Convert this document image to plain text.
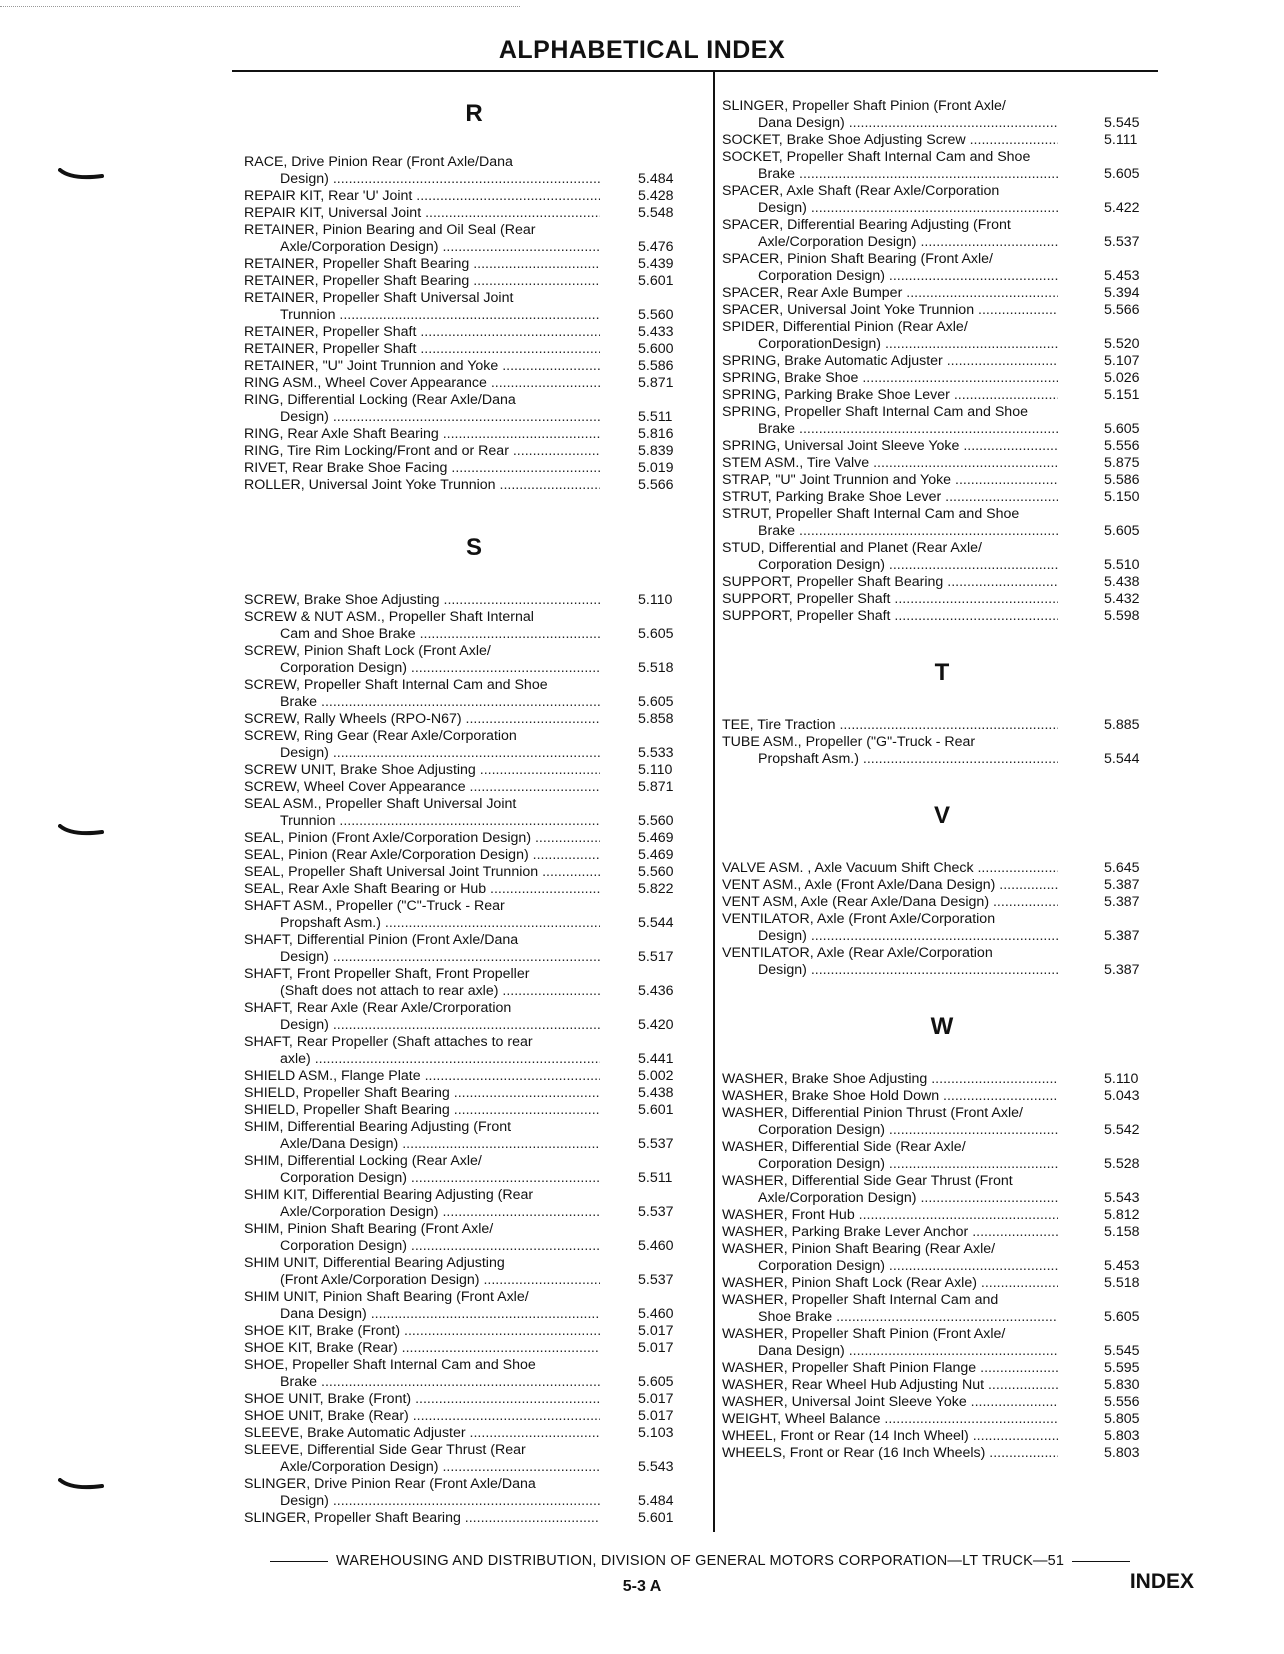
ALPHABETICAL INDEX
R
RACE, Drive Pinion Rear (Front Axle/Dana
Design) .....	5.484
REPAIR KIT, Rear 'U' Joint .....	5.428
REPAIR KIT, Universal Joint .....	5.548
RETAINER, Pinion Bearing and Oil Seal (Rear
Axle/Corporation Design) .....	5.476
RETAINER, Propeller Shaft Bearing .....	5.439
RETAINER, Propeller Shaft Bearing .....	5.601
RETAINER, Propeller Shaft Universal Joint
Trunnion .....	5.560
RETAINER, Propeller Shaft .....	5.433
RETAINER, Propeller Shaft .....	5.600
RETAINER, "U" Joint Trunnion and Yoke .....	5.586
RING ASM., Wheel Cover Appearance .....	5.871
RING, Differential Locking (Rear Axle/Dana
Design) .....	5.511
RING, Rear Axle Shaft Bearing .....	5.816
RING, Tire Rim Locking/Front and or Rear .....	5.839
RIVET, Rear Brake Shoe Facing .....	5.019
ROLLER, Universal Joint Yoke Trunnion .....	5.566
S
SCREW, Brake Shoe Adjusting .....	5.110
SCREW & NUT ASM., Propeller Shaft Internal
Cam and Shoe Brake .....	5.605
SCREW, Pinion Shaft Lock (Front Axle/
Corporation Design) .....	5.518
SCREW, Propeller Shaft Internal Cam and Shoe
Brake .....	5.605
SCREW, Rally Wheels (RPO-N67) .....	5.858
SCREW, Ring Gear (Rear Axle/Corporation
Design) .....	5.533
SCREW UNIT, Brake Shoe Adjusting .....	5.110
SCREW, Wheel Cover Appearance .....	5.871
SEAL ASM., Propeller Shaft Universal Joint
Trunnion .....	5.560
SEAL, Pinion (Front Axle/Corporation Design) .....	5.469
SEAL, Pinion (Rear Axle/Corporation Design) .....	5.469
SEAL, Propeller Shaft Universal Joint Trunnion .....	5.560
SEAL, Rear Axle Shaft Bearing or Hub .....	5.822
SHAFT ASM., Propeller ("C"-Truck - Rear
Propshaft Asm.) .....	5.544
SHAFT, Differential Pinion (Front Axle/Dana
Design) .....	5.517
SHAFT, Front Propeller Shaft, Front Propeller
(Shaft does not attach to rear axle) .....	5.436
SHAFT, Rear Axle (Rear Axle/Crorporation
Design) .....	5.420
SHAFT, Rear Propeller (Shaft attaches to rear
axle) .....	5.441
SHIELD ASM., Flange Plate .....	5.002
SHIELD, Propeller Shaft Bearing .....	5.438
SHIELD, Propeller Shaft Bearing .....	5.601
SHIM, Differential Bearing Adjusting (Front
Axle/Dana Design) .....	5.537
SHIM, Differential Locking (Rear Axle/
Corporation Design) .....	5.511
SHIM KIT, Differential Bearing Adjusting (Rear
Axle/Corporation Design) .....	5.537
SHIM, Pinion Shaft Bearing (Front Axle/
Corporation Design) .....	5.460
SHIM UNIT, Differential Bearing Adjusting
(Front Axle/Corporation Design) .....	5.537
SHIM UNIT, Pinion Shaft Bearing (Front Axle/
Dana Design) .....	5.460
SHOE KIT, Brake (Front) .....	5.017
SHOE KIT, Brake (Rear) .....	5.017
SHOE, Propeller Shaft Internal Cam and Shoe
Brake .....	5.605
SHOE UNIT, Brake (Front) .....	5.017
SHOE UNIT, Brake (Rear) .....	5.017
SLEEVE, Brake Automatic Adjuster .....	5.103
SLEEVE, Differential Side Gear Thrust (Rear
Axle/Corporation Design) .....	5.543
SLINGER, Drive Pinion Rear (Front Axle/Dana
Design) .....	5.484
SLINGER, Propeller Shaft Bearing .....	5.601
SLINGER, Propeller Shaft Pinion (Front Axle/
Dana Design) .....	5.545
SOCKET, Brake Shoe Adjusting Screw .....	5.111
SOCKET, Propeller Shaft Internal Cam and Shoe
Brake .....	5.605
SPACER, Axle Shaft (Rear Axle/Corporation
Design) .....	5.422
SPACER, Differential Bearing Adjusting (Front
Axle/Corporation Design) .....	5.537
SPACER, Pinion Shaft Bearing (Front Axle/
Corporation Design) .....	5.453
SPACER, Rear Axle Bumper .....	5.394
SPACER, Universal Joint Yoke Trunnion .....	5.566
SPIDER, Differential Pinion (Rear Axle/
CorporationDesign) .....	5.520
SPRING, Brake Automatic Adjuster .....	5.107
SPRING, Brake Shoe .....	5.026
SPRING, Parking Brake Shoe Lever .....	5.151
SPRING, Propeller Shaft Internal Cam and Shoe
Brake .....	5.605
SPRING, Universal Joint Sleeve Yoke .....	5.556
STEM ASM., Tire Valve .....	5.875
STRAP, "U" Joint Trunnion and Yoke .....	5.586
STRUT, Parking Brake Shoe Lever .....	5.150
STRUT, Propeller Shaft Internal Cam and Shoe
Brake .....	5.605
STUD, Differential and Planet (Rear Axle/
Corporation Design) .....	5.510
SUPPORT, Propeller Shaft Bearing .....	5.438
SUPPORT, Propeller Shaft .....	5.432
SUPPORT, Propeller Shaft .....	5.598
T
TEE, Tire Traction .....	5.885
TUBE ASM., Propeller ("G"-Truck - Rear
Propshaft Asm.) .....	5.544
V
VALVE ASM. , Axle Vacuum Shift Check .....	5.645
VENT ASM., Axle (Front Axle/Dana Design) .....	5.387
VENT ASM, Axle (Rear Axle/Dana Design) .....	5.387
VENTILATOR, Axle (Front Axle/Corporation
Design) .....	5.387
VENTILATOR, Axle (Rear Axle/Corporation
Design) .....	5.387
W
WASHER, Brake Shoe Adjusting .....	5.110
WASHER, Brake Shoe Hold Down .....	5.043
WASHER, Differential Pinion Thrust (Front Axle/
Corporation Design) .....	5.542
WASHER, Differential Side (Rear Axle/
Corporation Design) .....	5.528
WASHER, Differential Side Gear Thrust (Front
Axle/Corporation Design) .....	5.543
WASHER, Front Hub .....	5.812
WASHER, Parking Brake Lever Anchor .....	5.158
WASHER, Pinion Shaft Bearing (Rear Axle/
Corporation Design) .....	5.453
WASHER, Pinion Shaft Lock (Rear Axle) .....	5.518
WASHER, Propeller Shaft Internal Cam and
Shoe Brake .....	5.605
WASHER, Propeller Shaft Pinion (Front Axle/
Dana Design) .....	5.545
WASHER, Propeller Shaft Pinion Flange .....	5.595
WASHER, Rear Wheel Hub Adjusting Nut .....	5.830
WASHER, Universal Joint Sleeve Yoke .....	5.556
WEIGHT, Wheel Balance .....	5.805
WHEEL, Front or Rear (14 Inch Wheel) .....	5.803
WHEELS, Front or Rear (16 Inch Wheels) .....	5.803
WAREHOUSING AND DISTRIBUTION, DIVISION OF GENERAL MOTORS CORPORATION—LT TRUCK—51
5-3 A	INDEX
